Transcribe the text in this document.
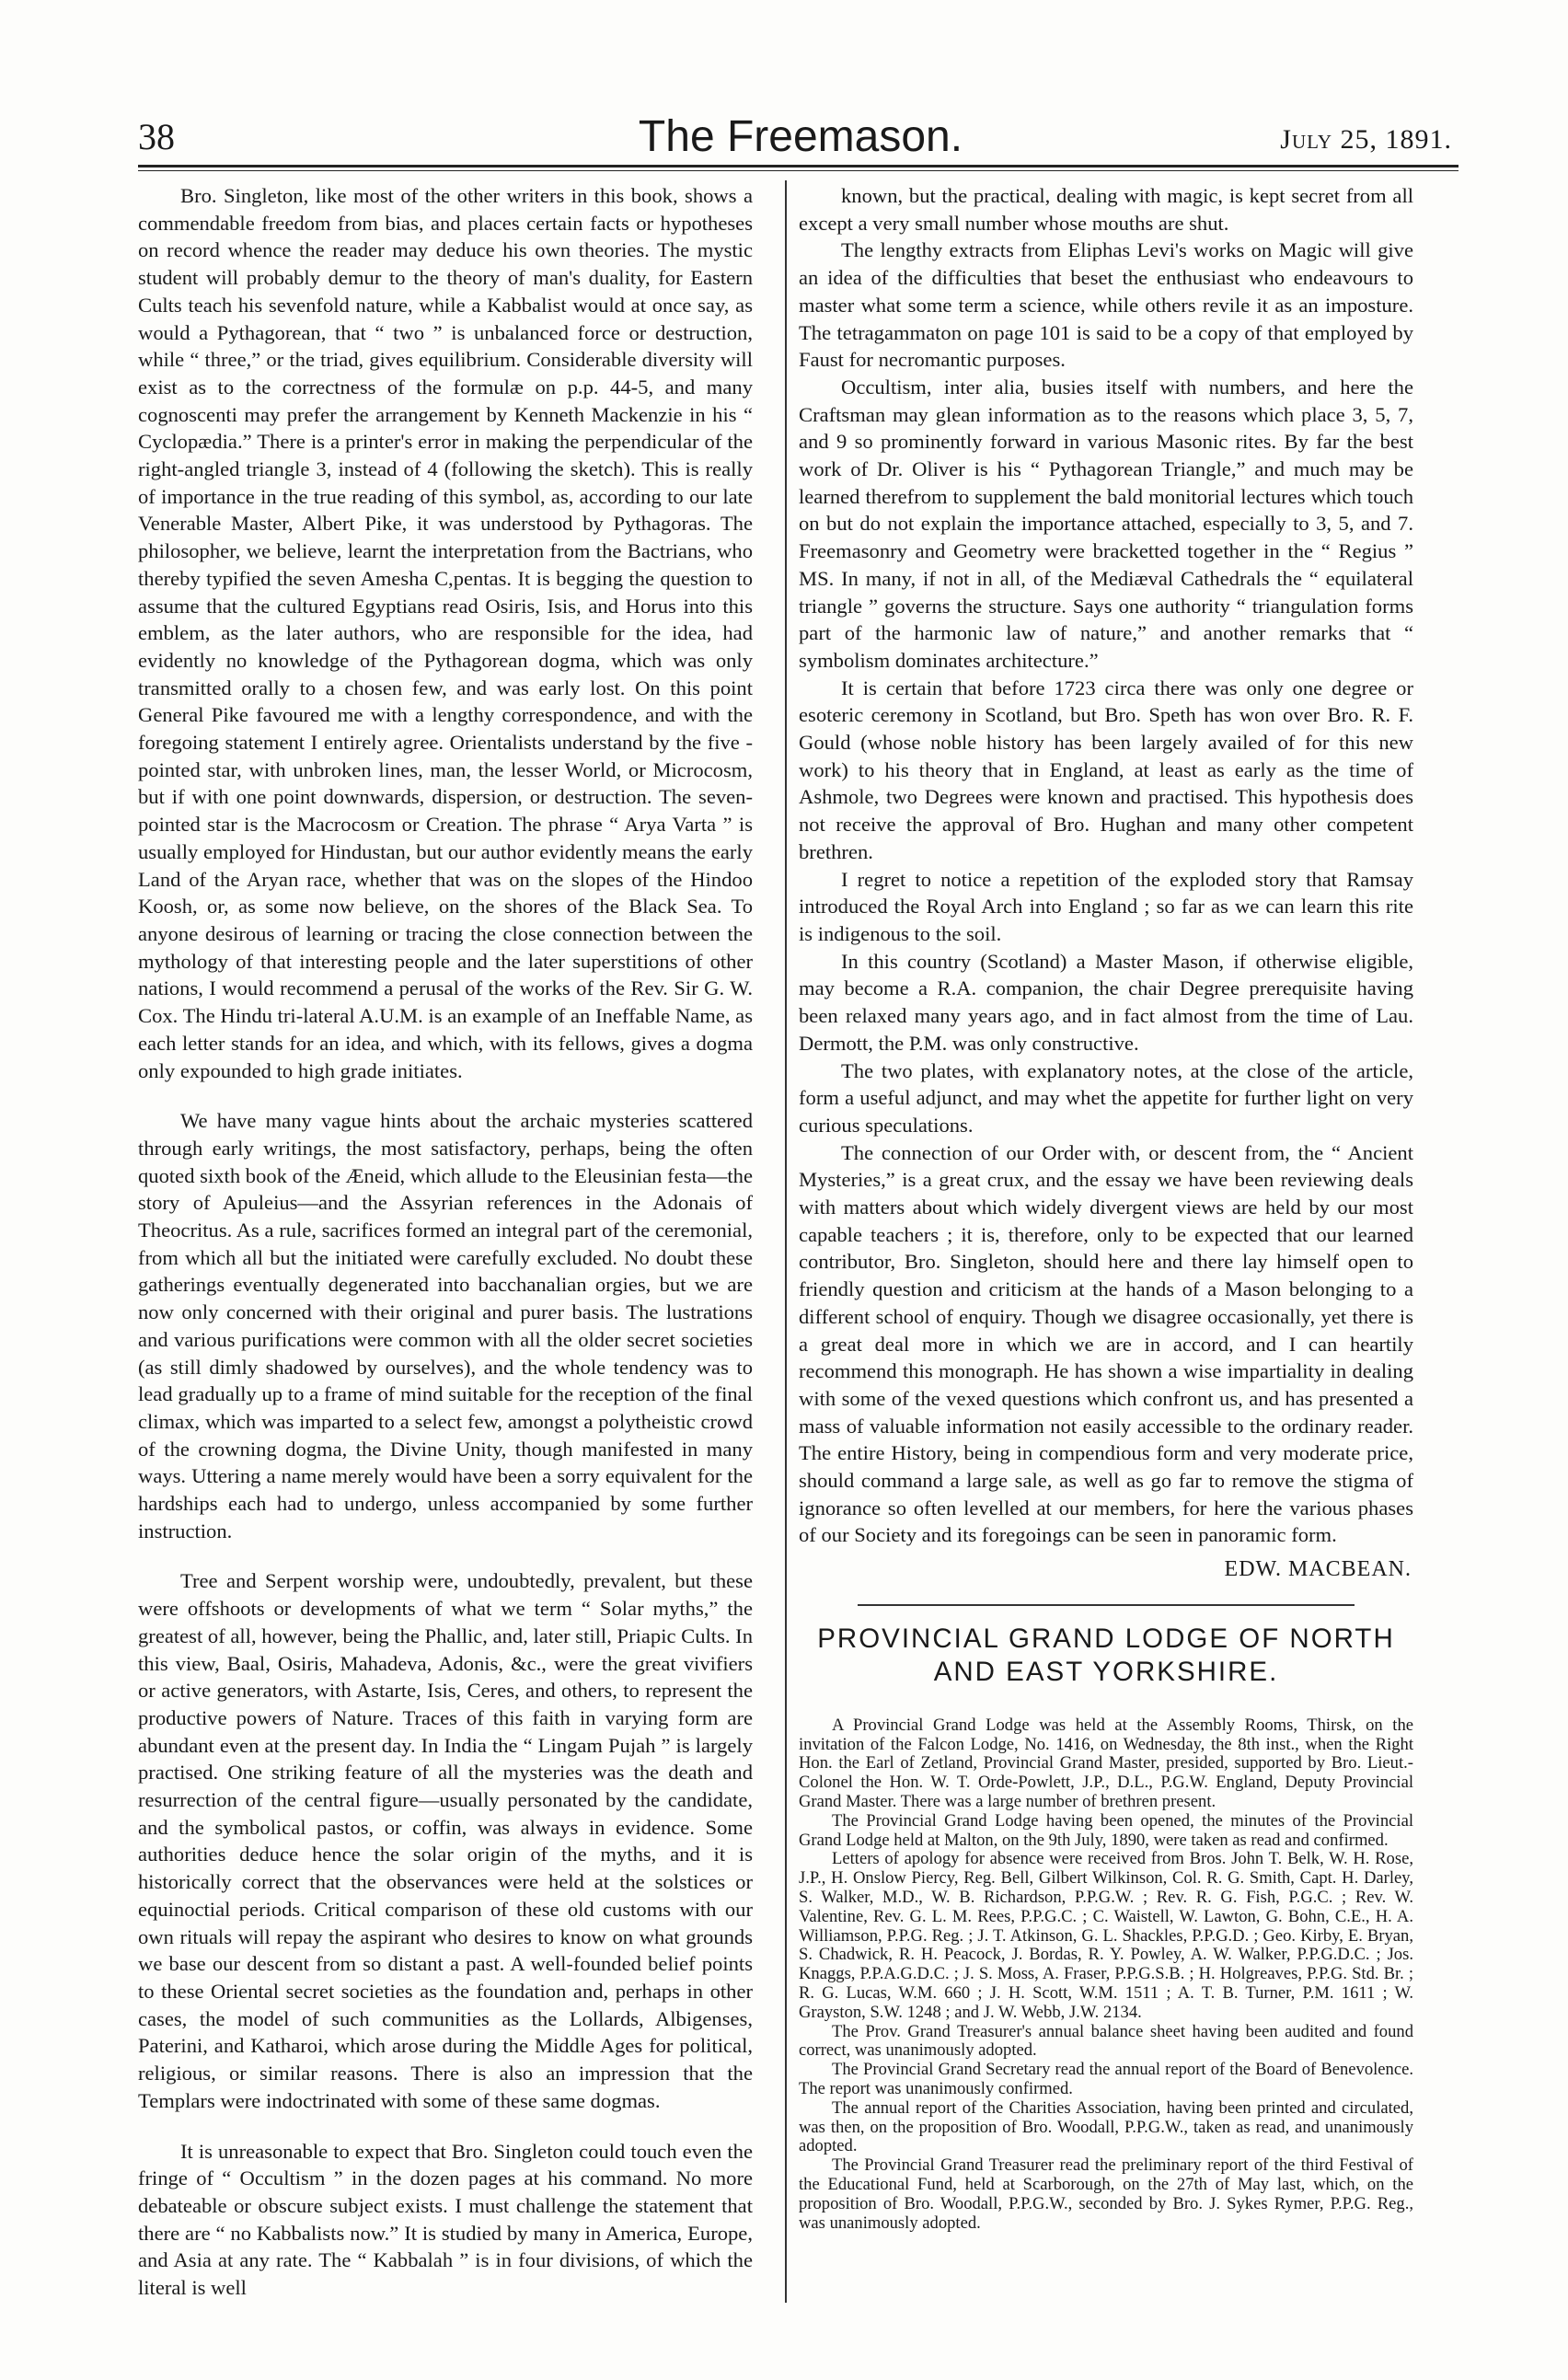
38	The Freemason.	July 25, 1891.

Bro. Singleton, like most of the other writers in this book, shows a commendable freedom from bias, and places certain facts or hypotheses on record whence the reader may deduce his own theories. The mystic student will probably demur to the theory of man's duality, for Eastern Cults teach his sevenfold nature, while a Kabbalist would at once say, as would a Pythagorean, that “ two ” is unbalanced force or destruction, while “ three,” or the triad, gives equilibrium. Considerable diversity will exist as to the correctness of the formulæ on p.p. 44-5, and many cognoscenti may prefer the arrangement by Kenneth Mackenzie in his “ Cyclopædia.” There is a printer's error in making the perpendicular of the right-angled triangle 3, instead of 4 (following the sketch). This is really of importance in the true reading of this symbol, as, according to our late Venerable Master, Albert Pike, it was understood by Pythagoras. The philosopher, we believe, learnt the interpretation from the Bactrians, who thereby typified the seven Amesha C,pentas. It is begging the question to assume that the cultured Egyptians read Osiris, Isis, and Horus into this emblem, as the later authors, who are responsible for the idea, had evidently no knowledge of the Pythagorean dogma, which was only transmitted orally to a chosen few, and was early lost. On this point General Pike favoured me with a lengthy correspondence, and with the foregoing statement I entirely agree. Orientalists understand by the five - pointed star, with unbroken lines, man, the lesser World, or Microcosm, but if with one point downwards, dispersion, or destruction. The seven-pointed star is the Macrocosm or Creation. The phrase “ Arya Varta ” is usually employed for Hindustan, but our author evidently means the early Land of the Aryan race, whether that was on the slopes of the Hindoo Koosh, or, as some now believe, on the shores of the Black Sea. To anyone desirous of learning or tracing the close connection between the mythology of that interesting people and the later superstitions of other nations, I would recommend a perusal of the works of the Rev. Sir G. W. Cox. The Hindu tri-lateral A.U.M. is an example of an Ineffable Name, as each letter stands for an idea, and which, with its fellows, gives a dogma only expounded to high grade initiates.

We have many vague hints about the archaic mysteries scattered through early writings, the most satisfactory, perhaps, being the often quoted sixth book of the Æneid, which allude to the Eleusinian festa—the story of Apuleius—and the Assyrian references in the Adonais of Theocritus. As a rule, sacrifices formed an integral part of the ceremonial, from which all but the initiated were carefully excluded. No doubt these gatherings eventually degenerated into bacchanalian orgies, but we are now only concerned with their original and purer basis. The lustrations and various purifications were common with all the older secret societies (as still dimly shadowed by ourselves), and the whole tendency was to lead gradually up to a frame of mind suitable for the reception of the final climax, which was imparted to a select few, amongst a polytheistic crowd of the crowning dogma, the Divine Unity, though manifested in many ways. Uttering a name merely would have been a sorry equivalent for the hardships each had to undergo, unless accompanied by some further instruction.

Tree and Serpent worship were, undoubtedly, prevalent, but these were offshoots or developments of what we term “ Solar myths,” the greatest of all, however, being the Phallic, and, later still, Priapic Cults. In this view, Baal, Osiris, Mahadeva, Adonis, &c., were the great vivifiers or active generators, with Astarte, Isis, Ceres, and others, to represent the productive powers of Nature. Traces of this faith in varying form are abundant even at the present day. In India the “ Lingam Pujah ” is largely practised. One striking feature of all the mysteries was the death and resurrection of the central figure—usually personated by the candidate, and the symbolical pastos, or coffin, was always in evidence. Some authorities deduce hence the solar origin of the myths, and it is historically correct that the observances were held at the solstices or equinoctial periods. Critical comparison of these old customs with our own rituals will repay the aspirant who desires to know on what grounds we base our descent from so distant a past. A well-founded belief points to these Oriental secret societies as the foundation and, perhaps in other cases, the model of such communities as the Lollards, Albigenses, Paterini, and Katharoi, which arose during the Middle Ages for political, religious, or similar reasons. There is also an impression that the Templars were indoctrinated with some of these same dogmas.

It is unreasonable to expect that Bro. Singleton could touch even the fringe of “ Occultism ” in the dozen pages at his command. No more debateable or obscure subject exists. I must challenge the statement that there are “ no Kabbalists now.” It is studied by many in America, Europe, and Asia at any rate. The “ Kabbalah ” is in four divisions, of which the literal is well

known, but the practical, dealing with magic, is kept secret from all except a very small number whose mouths are shut.

The lengthy extracts from Eliphas Levi's works on Magic will give an idea of the difficulties that beset the enthusiast who endeavours to master what some term a science, while others revile it as an imposture. The tetragammaton on page 101 is said to be a copy of that employed by Faust for necromantic purposes.

Occultism, inter alia, busies itself with numbers, and here the Craftsman may glean information as to the reasons which place 3, 5, 7, and 9 so prominently forward in various Masonic rites. By far the best work of Dr. Oliver is his “ Pythagorean Triangle,” and much may be learned therefrom to supplement the bald monitorial lectures which touch on but do not explain the importance attached, especially to 3, 5, and 7. Freemasonry and Geometry were bracketted together in the “ Regius ” MS. In many, if not in all, of the Mediæval Cathedrals the “ equilateral triangle ” governs the structure. Says one authority “ triangulation forms part of the harmonic law of nature,” and another remarks that “ symbolism dominates architecture.”

It is certain that before 1723 circa there was only one degree or esoteric ceremony in Scotland, but Bro. Speth has won over Bro. R. F. Gould (whose noble history has been largely availed of for this new work) to his theory that in England, at least as early as the time of Ashmole, two Degrees were known and practised. This hypothesis does not receive the approval of Bro. Hughan and many other competent brethren.

I regret to notice a repetition of the exploded story that Ramsay introduced the Royal Arch into England ; so far as we can learn this rite is indigenous to the soil.

In this country (Scotland) a Master Mason, if otherwise eligible, may become a R.A. companion, the chair Degree prerequisite having been relaxed many years ago, and in fact almost from the time of Lau. Dermott, the P.M. was only constructive.

The two plates, with explanatory notes, at the close of the article, form a useful adjunct, and may whet the appetite for further light on very curious speculations.

The connection of our Order with, or descent from, the “ Ancient Mysteries,” is a great crux, and the essay we have been reviewing deals with matters about which widely divergent views are held by our most capable teachers ; it is, therefore, only to be expected that our learned contributor, Bro. Singleton, should here and there lay himself open to friendly question and criticism at the hands of a Mason belonging to a different school of enquiry. Though we disagree occasionally, yet there is a great deal more in which we are in accord, and I can heartily recommend this monograph. He has shown a wise impartiality in dealing with some of the vexed questions which confront us, and has presented a mass of valuable information not easily accessible to the ordinary reader. The entire History, being in compendious form and very moderate price, should command a large sale, as well as go far to remove the stigma of ignorance so often levelled at our members, for here the various phases of our Society and its foregoings can be seen in panoramic form.

EDW. MACBEAN.
PROVINCIAL GRAND LODGE OF NORTH
AND EAST YORKSHIRE.

A Provincial Grand Lodge was held at the Assembly Rooms, Thirsk, on the invitation of the Falcon Lodge, No. 1416, on Wednesday, the 8th inst., when the Right Hon. the Earl of Zetland, Provincial Grand Master, presided, supported by Bro. Lieut.-Colonel the Hon. W. T. Orde-Powlett, J.P., D.L., P.G.W. England, Deputy Provincial Grand Master. There was a large number of brethren present.

The Provincial Grand Lodge having been opened, the minutes of the Provincial Grand Lodge held at Malton, on the 9th July, 1890, were taken as read and confirmed.

Letters of apology for absence were received from Bros. John T. Belk, W. H. Rose, J.P., H. Onslow Piercy, Reg. Bell, Gilbert Wilkinson, Col. R. G. Smith, Capt. H. Darley, S. Walker, M.D., W. B. Richardson, P.P.G.W. ; Rev. R. G. Fish, P.G.C. ; Rev. W. Valentine, Rev. G. L. M. Rees, P.P.G.C. ; C. Waistell, W. Lawton, G. Bohn, C.E., H. A. Williamson, P.P.G. Reg. ; J. T. Atkinson, G. L. Shackles, P.P.G.D. ; Geo. Kirby, E. Bryan, S. Chadwick, R. H. Peacock, J. Bordas, R. Y. Powley, A. W. Walker, P.P.G.D.C. ; Jos. Knaggs, P.P.A.G.D.C. ; J. S. Moss, A. Fraser, P.P.G.S.B. ; H. Holgreaves, P.P.G. Std. Br. ; R. G. Lucas, W.M. 660 ; J. H. Scott, W.M. 1511 ; A. T. B. Turner, P.M. 1611 ; W. Grayston, S.W. 1248 ; and J. W. Webb, J.W. 2134.

The Prov. Grand Treasurer's annual balance sheet having been audited and found correct, was unanimously adopted.

The Provincial Grand Secretary read the annual report of the Board of Benevolence. The report was unanimously confirmed.

The annual report of the Charities Association, having been printed and circulated, was then, on the proposition of Bro. Woodall, P.P.G.W., taken as read, and unanimously adopted.

The Provincial Grand Treasurer read the preliminary report of the third Festival of the Educational Fund, held at Scarborough, on the 27th of May last, which, on the proposition of Bro. Woodall, P.P.G.W., seconded by Bro. J. Sykes Rymer, P.P.G. Reg., was unanimously adopted.
